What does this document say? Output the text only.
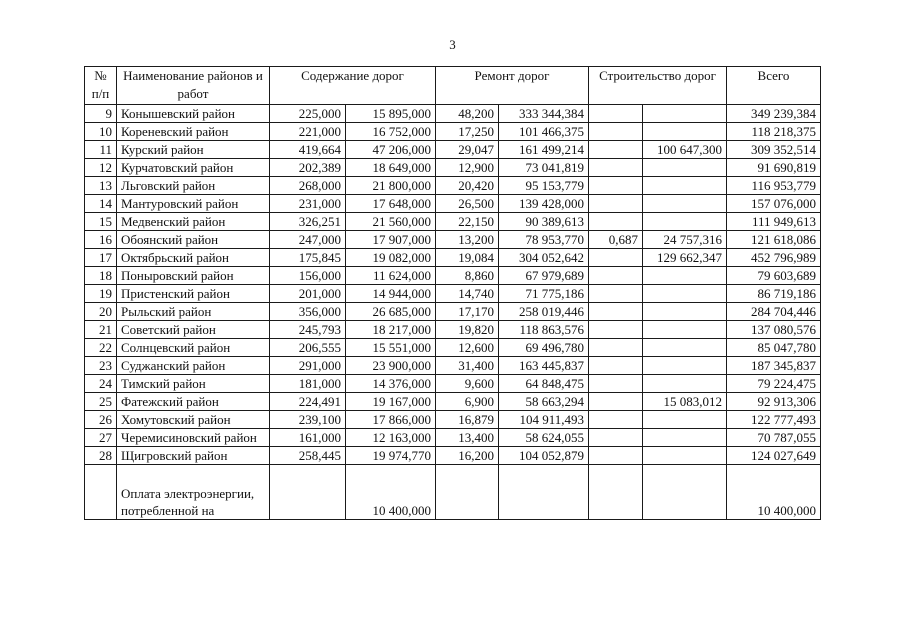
3
№ п/п	Наименование районов и работ	Содержание дорог		Ремонт дорог		Строительство дорог		Всего
9	Конышевский район	225,000	15 895,000	48,200	333 344,384			349 239,384
10	Кореневский район	221,000	16 752,000	17,250	101 466,375			118 218,375
11	Курский район	419,664	47 206,000	29,047	161 499,214		100 647,300	309 352,514
12	Курчатовский район	202,389	18 649,000	12,900	73 041,819			91 690,819
13	Льговский район	268,000	21 800,000	20,420	95 153,779			116 953,779
14	Мантуровский район	231,000	17 648,000	26,500	139 428,000			157 076,000
15	Медвенский район	326,251	21 560,000	22,150	90 389,613			111 949,613
16	Обоянский район	247,000	17 907,000	13,200	78 953,770	0,687	24 757,316	121 618,086
17	Октябрьский район	175,845	19 082,000	19,084	304 052,642		129 662,347	452 796,989
18	Поныровский район	156,000	11 624,000	8,860	67 979,689			79 603,689
19	Пристенский район	201,000	14 944,000	14,740	71 775,186			86 719,186
20	Рыльский район	356,000	26 685,000	17,170	258 019,446			284 704,446
21	Советский район	245,793	18 217,000	19,820	118 863,576			137 080,576
22	Солнцевский район	206,555	15 551,000	12,600	69 496,780			85 047,780
23	Суджанский район	291,000	23 900,000	31,400	163 445,837			187 345,837
24	Тимский район	181,000	14 376,000	9,600	64 848,475			79 224,475
25	Фатежский район	224,491	19 167,000	6,900	58 663,294		15 083,012	92 913,306
26	Хомутовский район	239,100	17 866,000	16,879	104 911,493			122 777,493
27	Черемисиновский район	161,000	12 163,000	13,400	58 624,055			70 787,055
28	Щигровский район	258,445	19 974,770	16,200	104 052,879			124 027,649
	Оплата электроэнергии, потребленной на		10 400,000					10 400,000
